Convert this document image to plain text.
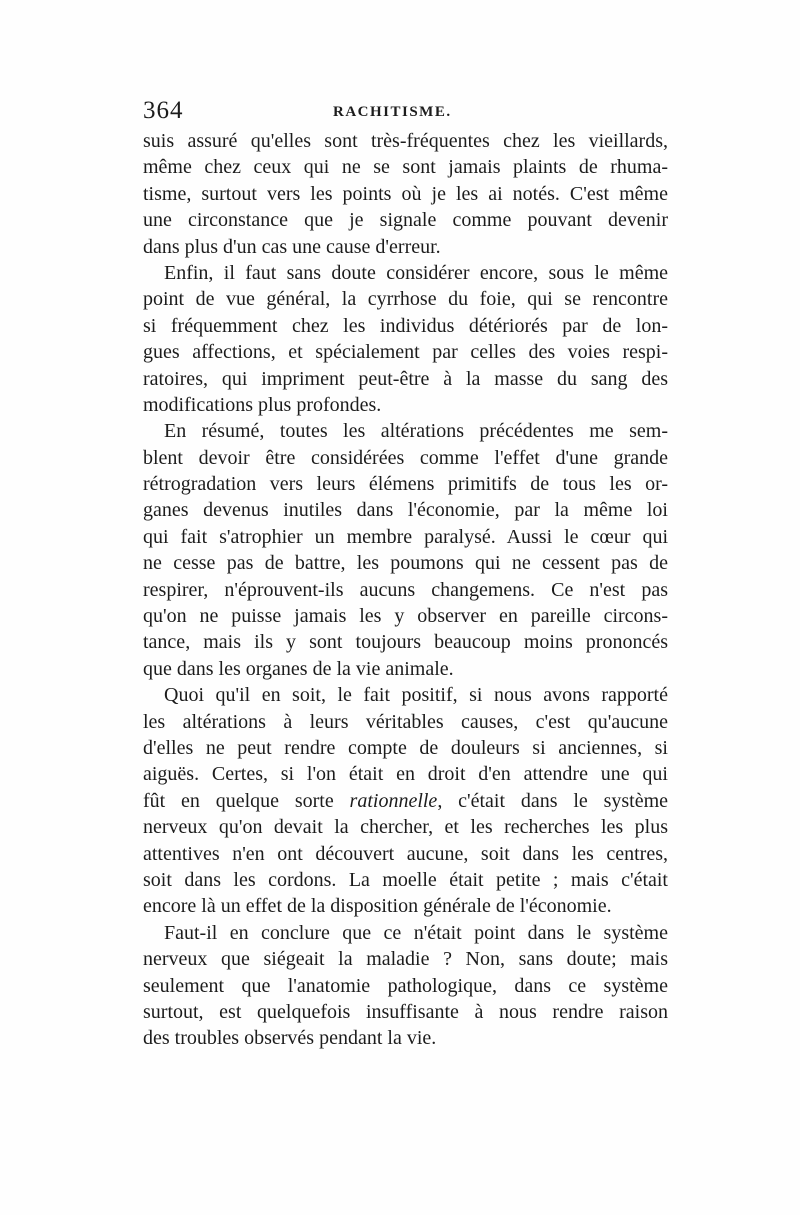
364	RACHITISME.
suis assuré qu'elles sont très-fréquentes chez les vieillards,
même chez ceux qui ne se sont jamais plaints de rhuma-
tisme, surtout vers les points où je les ai notés. C'est même
une circonstance que je signale comme pouvant devenir
dans plus d'un cas une cause d'erreur.
Enfin, il faut sans doute considérer encore, sous le même
point de vue général, la cyrrhose du foie, qui se rencontre
si fréquemment chez les individus détériorés par de lon-
gues affections, et spécialement par celles des voies respi-
ratoires, qui impriment peut-être à la masse du sang des
modifications plus profondes.
En résumé, toutes les altérations précédentes me sem-
blent devoir être considérées comme l'effet d'une grande
rétrogradation vers leurs élémens primitifs de tous les or-
ganes devenus inutiles dans l'économie, par la même loi
qui fait s'atrophier un membre paralysé. Aussi le cœur qui
ne cesse pas de battre, les poumons qui ne cessent pas de
respirer, n'éprouvent-ils aucuns changemens. Ce n'est pas
qu'on ne puisse jamais les y observer en pareille circons-
tance, mais ils y sont toujours beaucoup moins prononcés
que dans les organes de la vie animale.
Quoi qu'il en soit, le fait positif, si nous avons rapporté
les altérations à leurs véritables causes, c'est qu'aucune
d'elles ne peut rendre compte de douleurs si anciennes, si
aiguës. Certes, si l'on était en droit d'en attendre une qui
fût en quelque sorte rationnelle, c'était dans le système
nerveux qu'on devait la chercher, et les recherches les plus
attentives n'en ont découvert aucune, soit dans les centres,
soit dans les cordons. La moelle était petite ; mais c'était
encore là un effet de la disposition générale de l'économie.
Faut-il en conclure que ce n'était point dans le système
nerveux que siégeait la maladie ? Non, sans doute; mais
seulement que l'anatomie pathologique, dans ce système
surtout, est quelquefois insuffisante à nous rendre raison
des troubles observés pendant la vie.
